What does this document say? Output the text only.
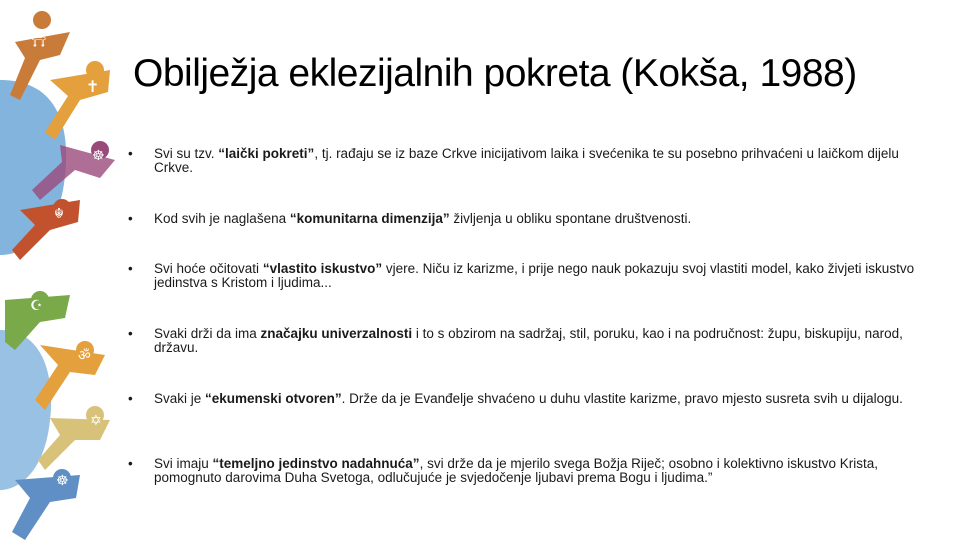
⛩
✝
☸
☬
☪
ॐ
✡
☸
Obilježja eklezijalnih pokreta (Kokša, 1988)
• Svi su tzv. “laički pokreti”, tj. rađaju se iz baze Crkve inicijativom laika i svećenika te su posebno prihvaćeni u laičkom dijelu Crkve.
• Kod svih je naglašena “komunitarna dimenzija” življenja u obliku spontane društvenosti.
• Svi hoće očitovati “vlastito iskustvo” vjere. Niču iz karizme, i prije nego nauk pokazuju svoj vlastiti model, kako živjeti iskustvo jedinstva s Kristom i ljudima...
• Svaki drži da ima značajku univerzalnosti i to s obzirom na sadržaj, stil, poruku, kao i na područnost: župu, biskupiju, narod, državu.
• Svaki je “ekumenski otvoren”. Drže da je Evanđelje shvaćeno u duhu vlastite karizme, pravo mjesto susreta svih u dijalogu.
• Svi imaju “temeljno jedinstvo nadahnuća”, svi drže da je mjerilo svega Božja Riječ; osobno i kolektivno iskustvo Krista, pomognuto darovima Duha Svetoga, odlučujuće je svjedočenje ljubavi prema Bogu i ljudima.”
